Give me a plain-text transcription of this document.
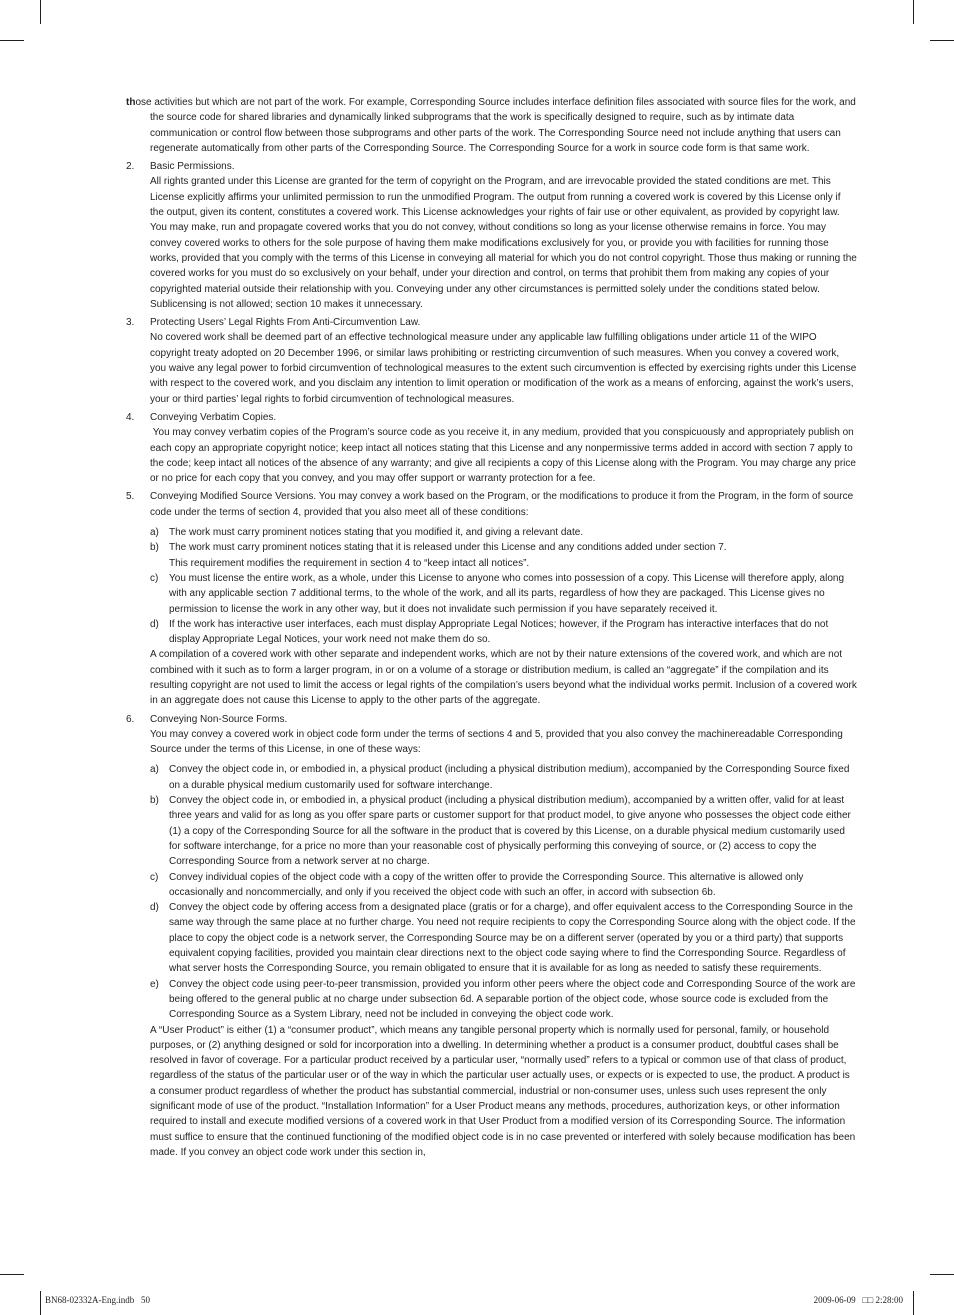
those activities but which are not part of the work. For example, Corresponding Source includes interface definition files associated with source files for the work, and the source code for shared libraries and dynamically linked subprograms that the work is specifically designed to require, such as by intimate data communication or control flow between those subprograms and other parts of the work. The Corresponding Source need not include anything that users can regenerate automatically from other parts of the Corresponding Source. The Corresponding Source for a work in source code form is that same work.

2. Basic Permissions.

All rights granted under this License are granted for the term of copyright on the Program, and are irrevocable provided the stated conditions are met. This License explicitly affirms your unlimited permission to run the unmodified Program. The output from running a covered work is covered by this License only if the output, given its content, constitutes a covered work. This License acknowledges your rights of fair use or other equivalent, as provided by copyright law. You may make, run and propagate covered works that you do not convey, without conditions so long as your license otherwise remains in force. You may convey covered works to others for the sole purpose of having them make modifications exclusively for you, or provide you with facilities for running those works, provided that you comply with the terms of this License in conveying all material for which you do not control copyright. Those thus making or running the covered works for you must do so exclusively on your behalf, under your direction and control, on terms that prohibit them from making any copies of your copyrighted material outside their relationship with you. Conveying under any other circumstances is permitted solely under the conditions stated below. Sublicensing is not allowed; section 10 makes it unnecessary.

3. Protecting Users’ Legal Rights From Anti-Circumvention Law.

No covered work shall be deemed part of an effective technological measure under any applicable law fulfilling obligations under article 11 of the WIPO copyright treaty adopted on 20 December 1996, or similar laws prohibiting or restricting circumvention of such measures. When you convey a covered work, you waive any legal power to forbid circumvention of technological measures to the extent such circumvention is effected by exercising rights under this License with respect to the covered work, and you disclaim any intention to limit operation or modification of the work as a means of enforcing, against the work’s users, your or third parties’ legal rights to forbid circumvention of technological measures.

4. Conveying Verbatim Copies.

You may convey verbatim copies of the Program’s source code as you receive it, in any medium, provided that you conspicuously and appropriately publish on each copy an appropriate copyright notice; keep intact all notices stating that this License and any nonpermissive terms added in accord with section 7 apply to the code; keep intact all notices of the absence of any warranty; and give all recipients a copy of this License along with the Program. You may charge any price or no price for each copy that you convey, and you may offer support or warranty protection for a fee.

5. Conveying Modified Source Versions. You may convey a work based on the Program, or the modifications to produce it from the Program, in the form of source code under the terms of section 4, provided that you also meet all of these conditions:

a) The work must carry prominent notices stating that you modified it, and giving a relevant date.

b) The work must carry prominent notices stating that it is released under this License and any conditions added under section 7.

This requirement modifies the requirement in section 4 to “keep intact all notices”.

c) You must license the entire work, as a whole, under this License to anyone who comes into possession of a copy. This License will therefore apply, along with any applicable section 7 additional terms, to the whole of the work, and all its parts, regardless of how they are packaged. This License gives no permission to license the work in any other way, but it does not invalidate such permission if you have separately received it.

d) If the work has interactive user interfaces, each must display Appropriate Legal Notices; however, if the Program has interactive interfaces that do not display Appropriate Legal Notices, your work need not make them do so.

A compilation of a covered work with other separate and independent works, which are not by their nature extensions of the covered work, and which are not combined with it such as to form a larger program, in or on a volume of a storage or distribution medium, is called an “aggregate” if the compilation and its resulting copyright are not used to limit the access or legal rights of the compilation’s users beyond what the individual works permit. Inclusion of a covered work in an aggregate does not cause this License to apply to the other parts of the aggregate.

6. Conveying Non-Source Forms.

You may convey a covered work in object code form under the terms of sections 4 and 5, provided that you also convey the machinereadable Corresponding Source under the terms of this License, in one of these ways:

a) Convey the object code in, or embodied in, a physical product (including a physical distribution medium), accompanied by the Corresponding Source fixed on a durable physical medium customarily used for software interchange.

b) Convey the object code in, or embodied in, a physical product (including a physical distribution medium), accompanied by a written offer, valid for at least three years and valid for as long as you offer spare parts or customer support for that product model, to give anyone who possesses the object code either (1) a copy of the Corresponding Source for all the software in the product that is covered by this License, on a durable physical medium customarily used for software interchange, for a price no more than your reasonable cost of physically performing this conveying of source, or (2) access to copy the Corresponding Source from a network server at no charge.

c) Convey individual copies of the object code with a copy of the written offer to provide the Corresponding Source. This alternative is allowed only occasionally and noncommercially, and only if you received the object code with such an offer, in accord with subsection 6b.

d) Convey the object code by offering access from a designated place (gratis or for a charge), and offer equivalent access to the Corresponding Source in the same way through the same place at no further charge. You need not require recipients to copy the Corresponding Source along with the object code. If the place to copy the object code is a network server, the Corresponding Source may be on a different server (operated by you or a third party) that supports equivalent copying facilities, provided you maintain clear directions next to the object code saying where to find the Corresponding Source. Regardless of what server hosts the Corresponding Source, you remain obligated to ensure that it is available for as long as needed to satisfy these requirements.

e) Convey the object code using peer-to-peer transmission, provided you inform other peers where the object code and Corresponding Source of the work are being offered to the general public at no charge under subsection 6d. A separable portion of the object code, whose source code is excluded from the Corresponding Source as a System Library, need not be included in conveying the object code work.

A “User Product” is either (1) a “consumer product”, which means any tangible personal property which is normally used for personal, family, or household purposes, or (2) anything designed or sold for incorporation into a dwelling. In determining whether a product is a consumer product, doubtful cases shall be resolved in favor of coverage. For a particular product received by a particular user, “normally used” refers to a typical or common use of that class of product, regardless of the status of the particular user or of the way in which the particular user actually uses, or expects or is expected to use, the product. A product is a consumer product regardless of whether the product has substantial commercial, industrial or non-consumer uses, unless such uses represent the only significant mode of use of the product. “Installation Information” for a User Product means any methods, procedures, authorization keys, or other information required to install and execute modified versions of a covered work in that User Product from a modified version of its Corresponding Source. The information must suffice to ensure that the continued functioning of the modified object code is in no case prevented or interfered with solely because modification has been made. If you convey an object code work under this section in,

BN68-02332A-Eng.indb   50	2009-06-09   □□ 2:28:00
